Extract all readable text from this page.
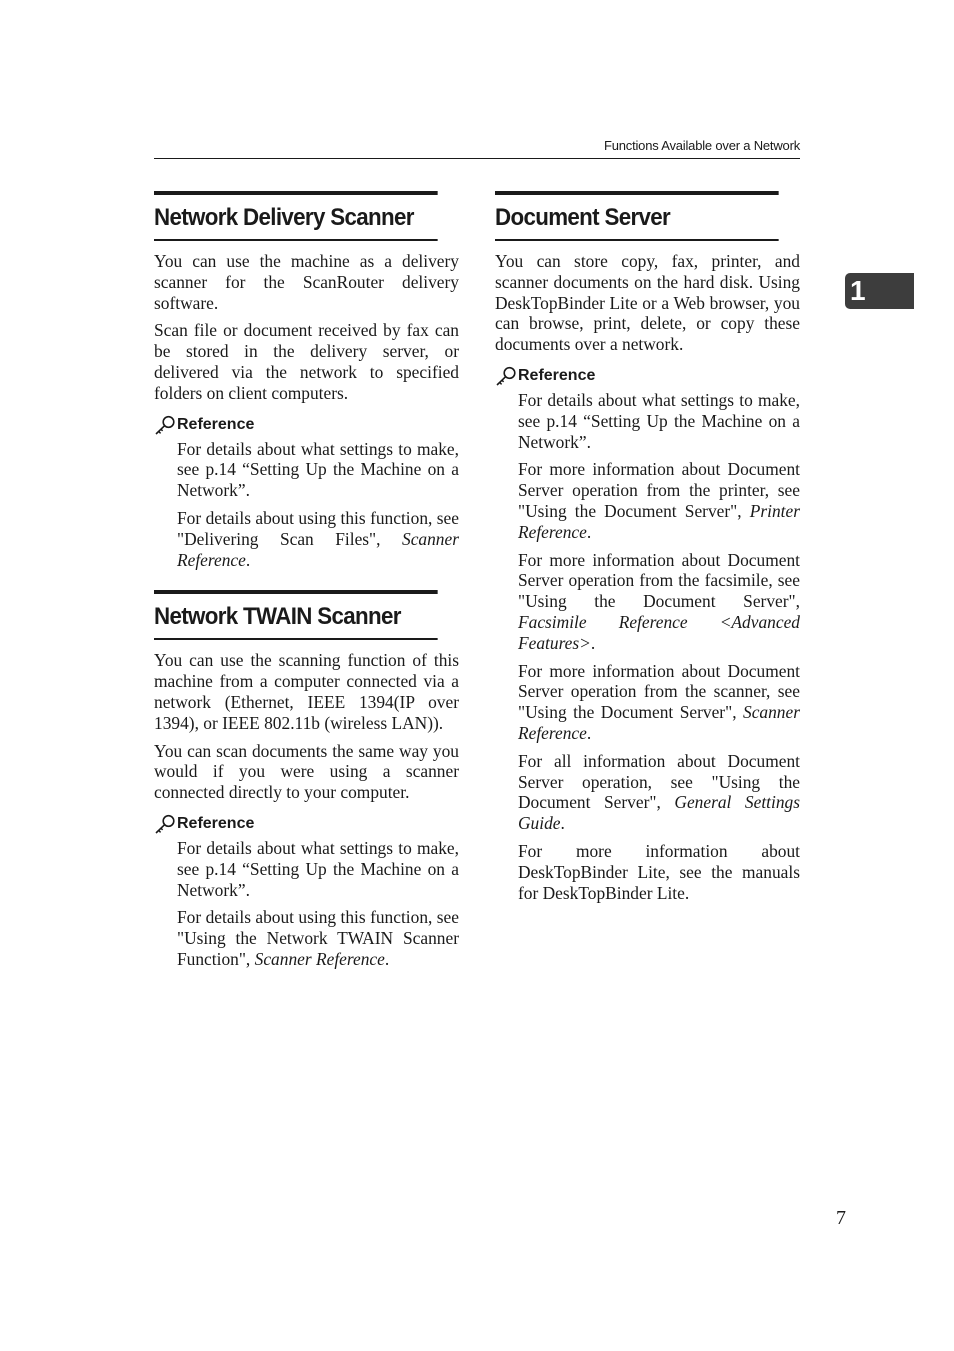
Functions Available over a Network
1
Network Delivery Scanner

You can use the machine as a delivery scanner for the ScanRouter delivery software.

Scan file or document received by fax can be stored in the delivery server, or delivered via the network to specified folders on client computers.

Reference

For details about what settings to make, see p.14 “Setting Up the Machine on a Network”.

For details about using this function, see "Delivering Scan Files", Scanner Reference.

Network TWAIN Scanner

You can use the scanning function of this machine from a computer connected via a network (Ethernet, IEEE 1394(IP over 1394), or IEEE 802.11b (wireless LAN)).

You can scan documents the same way you would if you were using a scanner connected directly to your computer.

Reference

For details about what settings to make, see p.14 “Setting Up the Machine on a Network”.

For details about using this function, see "Using the Network TWAIN Scanner Function", Scanner Reference.

Document Server

You can store copy, fax, printer, and scanner documents on the hard disk. Using DeskTopBinder Lite or a Web browser, you can browse, print, delete, or copy these documents over a network.

Reference

For details about what settings to make, see p.14 “Setting Up the Machine on a Network”.

For more information about Document Server operation from the printer, see "Using the Document Server", Printer Reference.

For more information about Document Server operation from the facsimile, see "Using the Document Server", Facsimile Reference <Advanced Features>.

For more information about Document Server operation from the scanner, see "Using the Document Server", Scanner Reference.

For all information about Document Server operation, see "Using the Document Server", General Settings Guide.

For more information about DeskTopBinder Lite, see the manuals for DeskTopBinder Lite.

7
